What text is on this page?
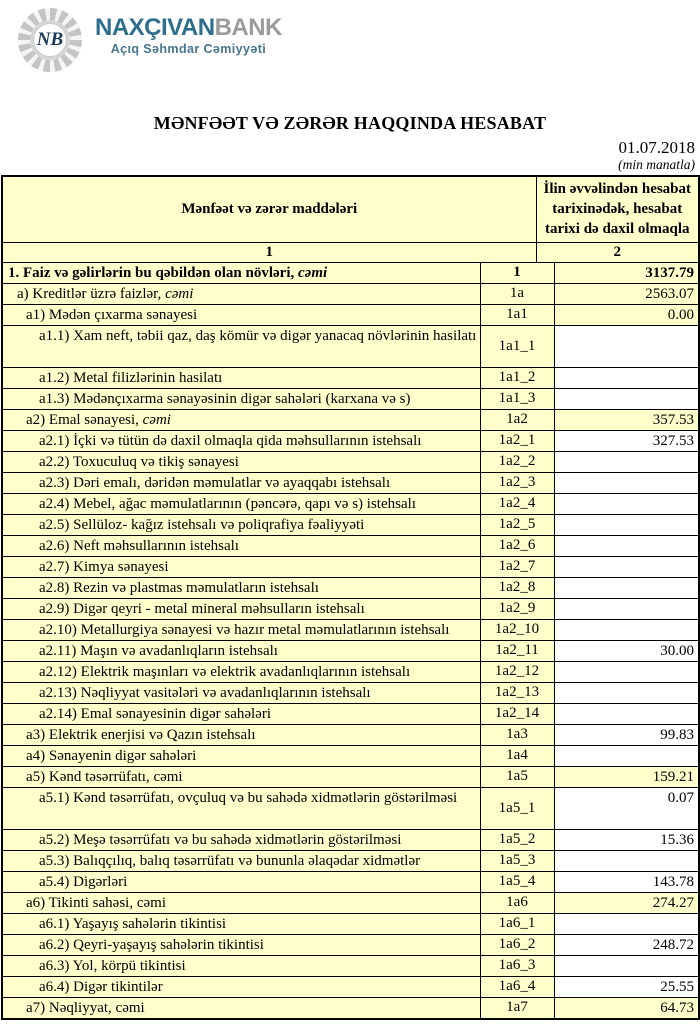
NB NAXÇIVANBANK
Açıq Səhmdar Cəmiyyəti
MƏNFƏƏT VƏ ZƏRƏR HAQQINDA HESABAT
01.07.2018
(min manatla)
Mənfəət və zərər maddələri		İlin əvvəlindən hesabat tarixinədək, hesabat tarixi də daxil olmaqla	
1		2	
1. Faiz və gəlirlərin bu qəbildən olan növləri, cəmi	1		3137.79
a) Kreditlər üzrə faizlər, cəmi	1a		2563.07
a1) Mədən çıxarma sənayesi	1a1		0.00
a1.1) Xam neft, təbii qaz, daş kömür və digər yanacaq növlərinin hasilatı	1a1_1		
a1.2) Metal filizlərinin hasilatı	1a1_2		
a1.3) Mədənçıxarma sənayəsinin digər sahələri (karxana və s)	1a1_3		
a2) Emal sənayesi, cəmi	1a2		357.53
a2.1) İçki və tütün də daxil olmaqla qida məhsullarının istehsalı	1a2_1		327.53
a2.2) Toxuculuq və tikiş sənayesi	1a2_2		
a2.3) Dəri emalı, dəridən məmulatlar və ayaqqabı istehsalı	1a2_3		
a2.4) Mebel, ağac məmulatlarının (pəncərə, qapı və s) istehsalı	1a2_4		
a2.5) Sellüloz- kağız istehsalı və poliqrafiya fəaliyyəti	1a2_5		
a2.6) Neft məhsullarının istehsalı	1a2_6		
a2.7) Kimya sənayesi	1a2_7		
a2.8) Rezin və plastmas məmulatların istehsalı	1a2_8		
a2.9) Digər qeyri - metal mineral məhsulların istehsalı	1a2_9		
a2.10) Metallurgiya sənayesi və hazır metal məmulatlarının istehsalı	1a2_10		
a2.11) Maşın və avadanlıqların istehsalı	1a2_11		30.00
a2.12) Elektrik maşınları və elektrik avadanlıqlarının istehsalı	1a2_12		
a2.13) Nəqliyyat vasitələri və avadanlıqlarının istehsalı	1a2_13		
a2.14) Emal sənayesinin digər sahələri	1a2_14		
a3) Elektrik enerjisi və Qazın istehsalı	1a3		99.83
a4) Sənayenin digər sahələri	1a4		
a5) Kənd təsərrüfatı, cəmi	1a5		159.21
a5.1) Kənd təsərrüfatı, ovçuluq və bu sahədə xidmətlərin göstərilməsi	1a5_1		0.07
a5.2) Meşə təsərrüfatı və bu sahədə xidmətlərin göstərilməsi	1a5_2		15.36
a5.3) Balıqçılıq, balıq təsərrüfatı və bununla əlaqədar xidmətlər	1a5_3		
a5.4) Digərləri	1a5_4		143.78
a6) Tikinti sahəsi, cəmi	1a6		274.27
a6.1) Yaşayış sahələrin tikintisi	1a6_1		
a6.2) Qeyri-yaşayış sahələrin tikintisi	1a6_2		248.72
a6.3) Yol, körpü tikintisi	1a6_3		
a6.4) Digər tikintilər	1a6_4		25.55
a7) Nəqliyyat, cəmi	1a7		64.73
